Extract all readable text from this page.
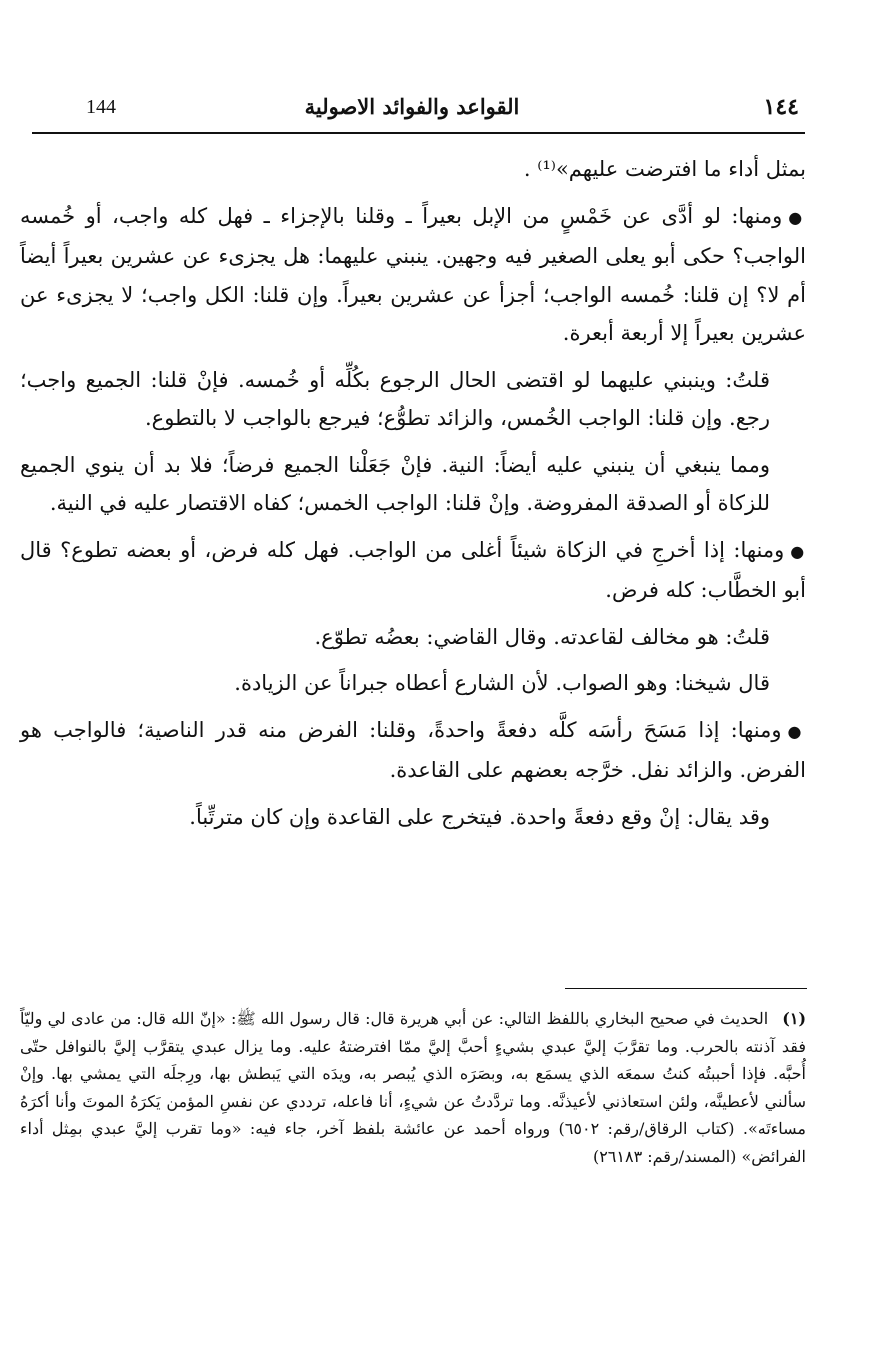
144	القواعد والفوائد الاصولية	١٤٤

بمثل أداء ما افترضت عليهم»⁽¹⁾ .

●ومنها: لو أدَّى عن خَمْسٍ من الإبل بعيراً ـ وقلنا بالإجزاء ـ فهل كله واجب، أو خُمسه الواجب؟ حكى أبو يعلى الصغير فيه وجهين. ينبني عليهما: هل يجزىء عن عشرين بعيراً أيضاً أم لا؟ إن قلنا: خُمسه الواجب؛ أجزأ عن عشرين بعيراً. وإن قلنا: الكل واجب؛ لا يجزىء عن عشرين بعيراً إلا أربعة أبعرة.

قلتُ: وينبني عليهما لو اقتضى الحال الرجوع بكُلِّه أو خُمسه. فإنْ قلنا: الجميع واجب؛ رجع. وإن قلنا: الواجب الخُمس، والزائد تطوُّع؛ فيرجع بالواجب لا بالتطوع.

ومما ينبغي أن ينبني عليه أيضاً: النية. فإنْ جَعَلْنا الجميع فرضاً؛ فلا بد أن ينوي الجميع للزكاة أو الصدقة المفروضة. وإنْ قلنا: الواجب الخمس؛ كفاه الاقتصار عليه في النية.

●ومنها: إذا أخرجِ في الزكاة شيئاً أغلى من الواجب. فهل كله فرض، أو بعضه تطوع؟ قال أبو الخطَّاب: كله فرض.

قلتُ: هو مخالف لقاعدته. وقال القاضي: بعضُه تطوّع.

قال شيخنا: وهو الصواب. لأن الشارع أعطاه جبراناً عن الزيادة.

●ومنها: إذا مَسَحَ رأسَه كلَّه دفعةً واحدةً، وقلنا: الفرض منه قدر الناصية؛ فالواجب هو الفرض. والزائد نفل. خرَّجه بعضهم على القاعدة.

وقد يقال: إنْ وقع دفعةً واحدة. فيتخرج على القاعدة وإن كان مترتِّباً.

(١)الحديث في صحيح البخاري باللفظ التالي: عن أبي هريرة قال: قال رسول الله ﷺ: «إنّ الله قال: من عادى لي وليّاً فقد آذنته بالحرب. وما تقرَّبَ إليَّ عبدي بشيءٍ أحبَّ إليَّ ممّا افترضتهُ عليه. وما يزال عبدي يتقرَّب إليَّ بالنوافل حتّى أُحبَّه. فإذا أحببتُه كنتُ سمعَه الذي يسمَع به، وبصَرَه الذي يُبصر به، ويدَه التي يَبطش بها، ورِجلَه التي يمشي بها. وإنْ سألني لأعطينَّه، ولئن استعاذني لأعيذنَّه. وما تردَّدتُ عن شيءٍ، أنا فاعله، ترددي عن نفسِ المؤمن يَكرَهُ الموتَ وأنا أكرَهُ مساءتَه». (كتاب الرقاق/رقم: ٦٥٠٢) ورواه أحمد عن عائشة بلفظ آخر، جاء فيه: «وما تقرب إليَّ عبدي بمِثل أداء الفرائض» (المسند/رقم: ٢٦١٨٣)
